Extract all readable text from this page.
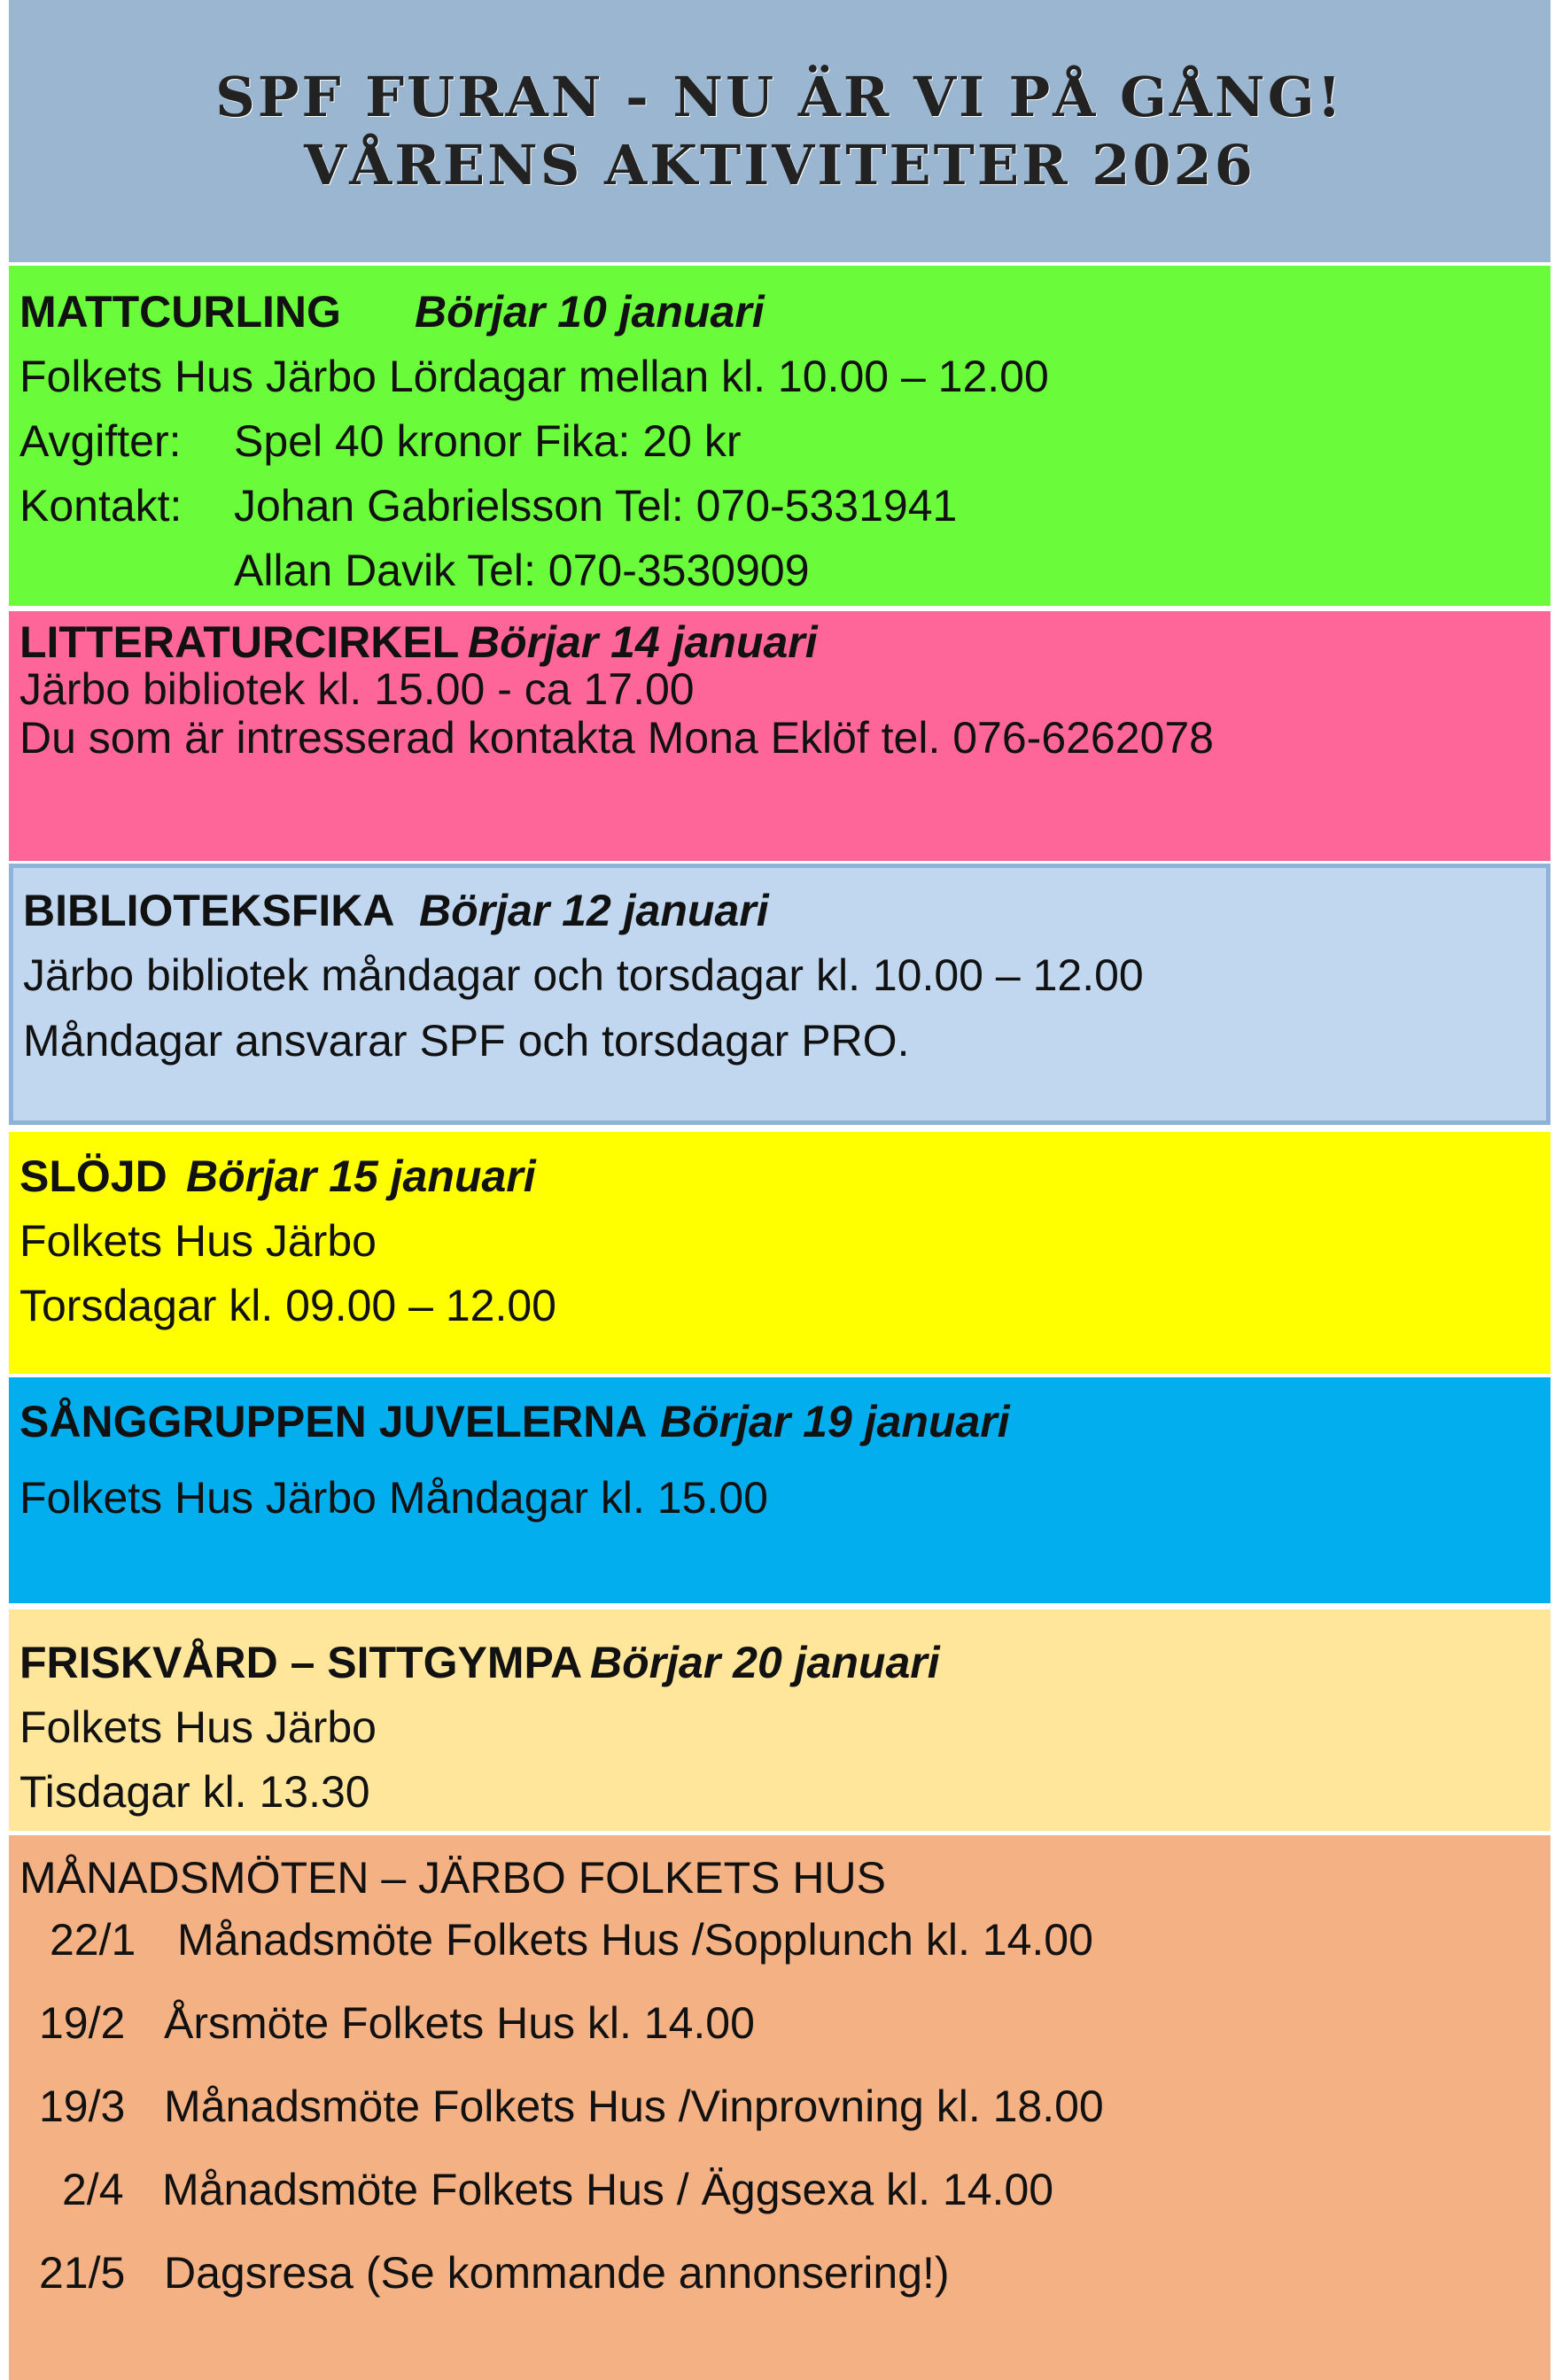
SPF FURAN - NU ÄR VI PÅ GÅNG!
VÅRENS AKTIVITETER 2026
MATTCURLING Börjar 10 januari
Folkets Hus Järbo Lördagar mellan kl. 10.00 – 12.00
Avgifter: Spel 40 kronor Fika: 20 kr
Kontakt: Johan Gabrielsson Tel: 070-5331941
Allan Davik Tel: 070-3530909
LITTERATURCIRKEL Börjar 14 januari
Järbo bibliotek kl. 15.00 - ca 17.00
Du som är intresserad kontakta Mona Eklöf tel. 076-6262078
BIBLIOTEKSFIKA Börjar 12 januari
Järbo bibliotek måndagar och torsdagar kl. 10.00 – 12.00
Måndagar ansvarar SPF och torsdagar PRO.
SLÖJD Börjar 15 januari
Folkets Hus Järbo
Torsdagar kl. 09.00 – 12.00
SÅNGGRUPPEN JUVELERNA Börjar 19 januari
Folkets Hus Järbo Måndagar kl. 15.00
FRISKVÅRD – SITTGYMPA Börjar 20 januari
Folkets Hus Järbo
Tisdagar kl. 13.30
MÅNADSMÖTEN – JÄRBO FOLKETS HUS
22/1 Månadsmöte Folkets Hus /Sopplunch kl. 14.00
19/2 Årsmöte Folkets Hus kl. 14.00
19/3 Månadsmöte Folkets Hus /Vinprovning kl. 18.00
2/4 Månadsmöte Folkets Hus / Äggsexa kl. 14.00
21/5 Dagsresa (Se kommande annonsering!)
